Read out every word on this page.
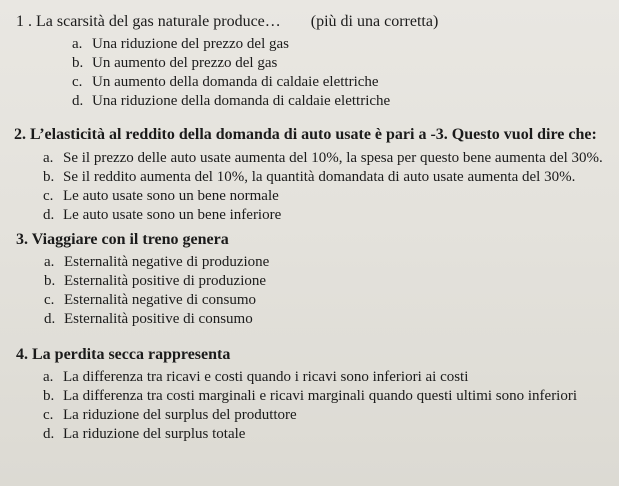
1 . La scarsità del gas naturale produce… (più di una corretta)
a. Una riduzione del prezzo del gas
b. Un aumento del prezzo del gas
c. Un aumento della domanda di caldaie elettriche
d. Una riduzione della domanda di caldaie elettriche
2. L’elasticità al reddito della domanda di auto usate è pari a -3. Questo vuol dire che:
a. Se il prezzo delle auto usate aumenta del 10%, la spesa per questo bene aumenta del 30%.
b. Se il reddito aumenta del 10%, la quantità domandata di auto usate aumenta del 30%.
c. Le auto usate sono un bene normale
d. Le auto usate sono un bene inferiore
3. Viaggiare con il treno genera
a. Esternalità negative di produzione
b. Esternalità positive di produzione
c. Esternalità negative di consumo
d. Esternalità positive di consumo
4. La perdita secca rappresenta
a. La differenza tra ricavi e costi quando i ricavi sono inferiori ai costi
b. La differenza tra costi marginali e ricavi marginali quando questi ultimi sono inferiori
c. La riduzione del surplus del produttore
d. La riduzione del surplus totale
